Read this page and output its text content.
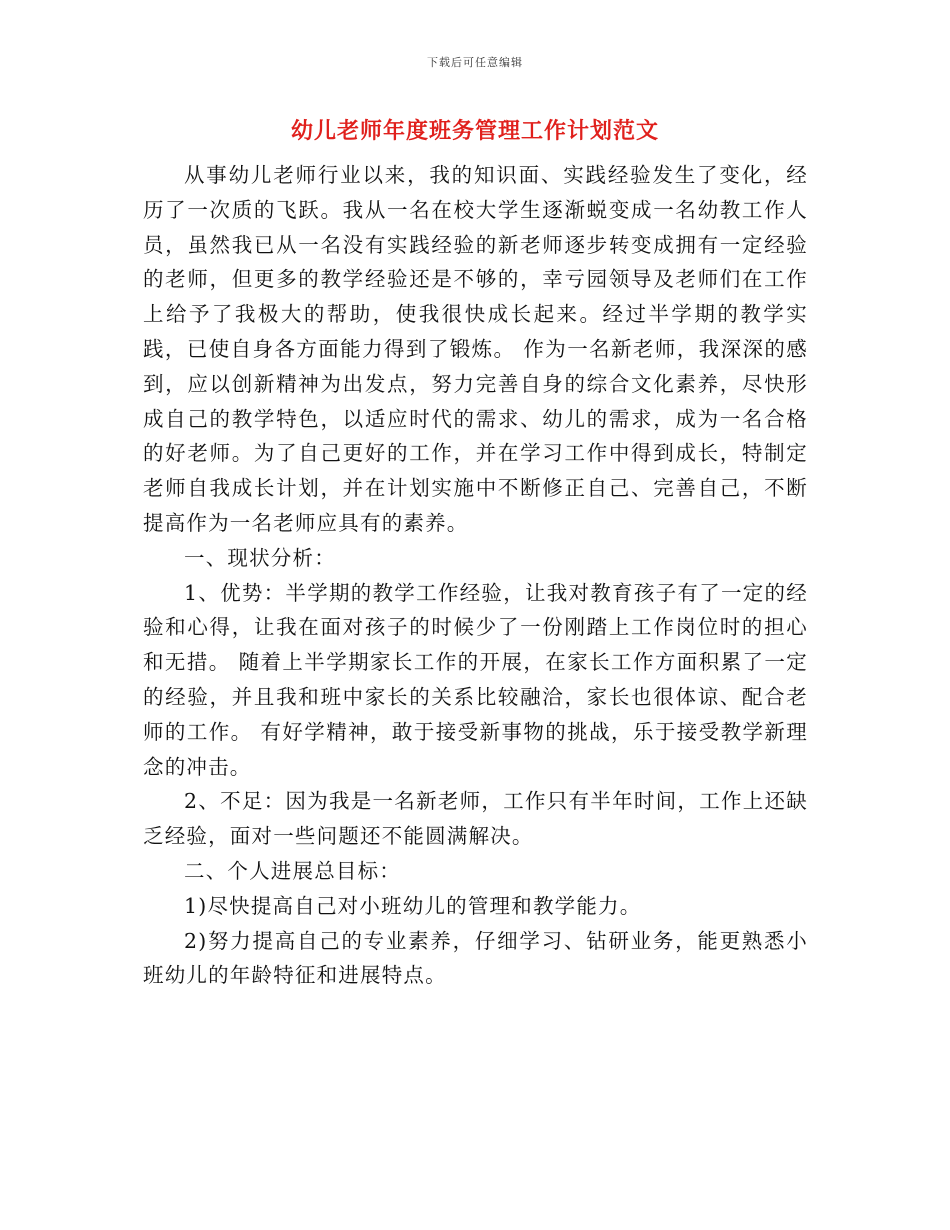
下载后可任意编辑
幼儿老师年度班务管理工作计划范文

从事幼儿老师行业以来，我的知识面、实践经验发生了变化，经历了一次质的飞跃。我从一名在校大学生逐渐蜕变成一名幼教工作人员，虽然我已从一名没有实践经验的新老师逐步转变成拥有一定经验的老师，但更多的教学经验还是不够的，幸亏园领导及老师们在工作上给予了我极大的帮助，使我很快成长起来。经过半学期的教学实践，已使自身各方面能力得到了锻炼。 作为一名新老师，我深深的感到，应以创新精神为出发点，努力完善自身的综合文化素养，尽快形成自己的教学特色，以适应时代的需求、幼儿的需求，成为一名合格的好老师。为了自己更好的工作，并在学习工作中得到成长，特制定老师自我成长计划，并在计划实施中不断修正自己、完善自己，不断提高作为一名老师应具有的素养。

一、现状分析：

1、优势：半学期的教学工作经验，让我对教育孩子有了一定的经验和心得，让我在面对孩子的时候少了一份刚踏上工作岗位时的担心和无措。 随着上半学期家长工作的开展，在家长工作方面积累了一定的经验，并且我和班中家长的关系比较融洽，家长也很体谅、配合老师的工作。 有好学精神，敢于接受新事物的挑战，乐于接受教学新理念的冲击。

2、不足：因为我是一名新老师，工作只有半年时间，工作上还缺乏经验，面对一些问题还不能圆满解决。

二、个人进展总目标：

1)尽快提高自己对小班幼儿的管理和教学能力。

2)努力提高自己的专业素养，仔细学习、钻研业务，能更熟悉小班幼儿的年龄特征和进展特点。
